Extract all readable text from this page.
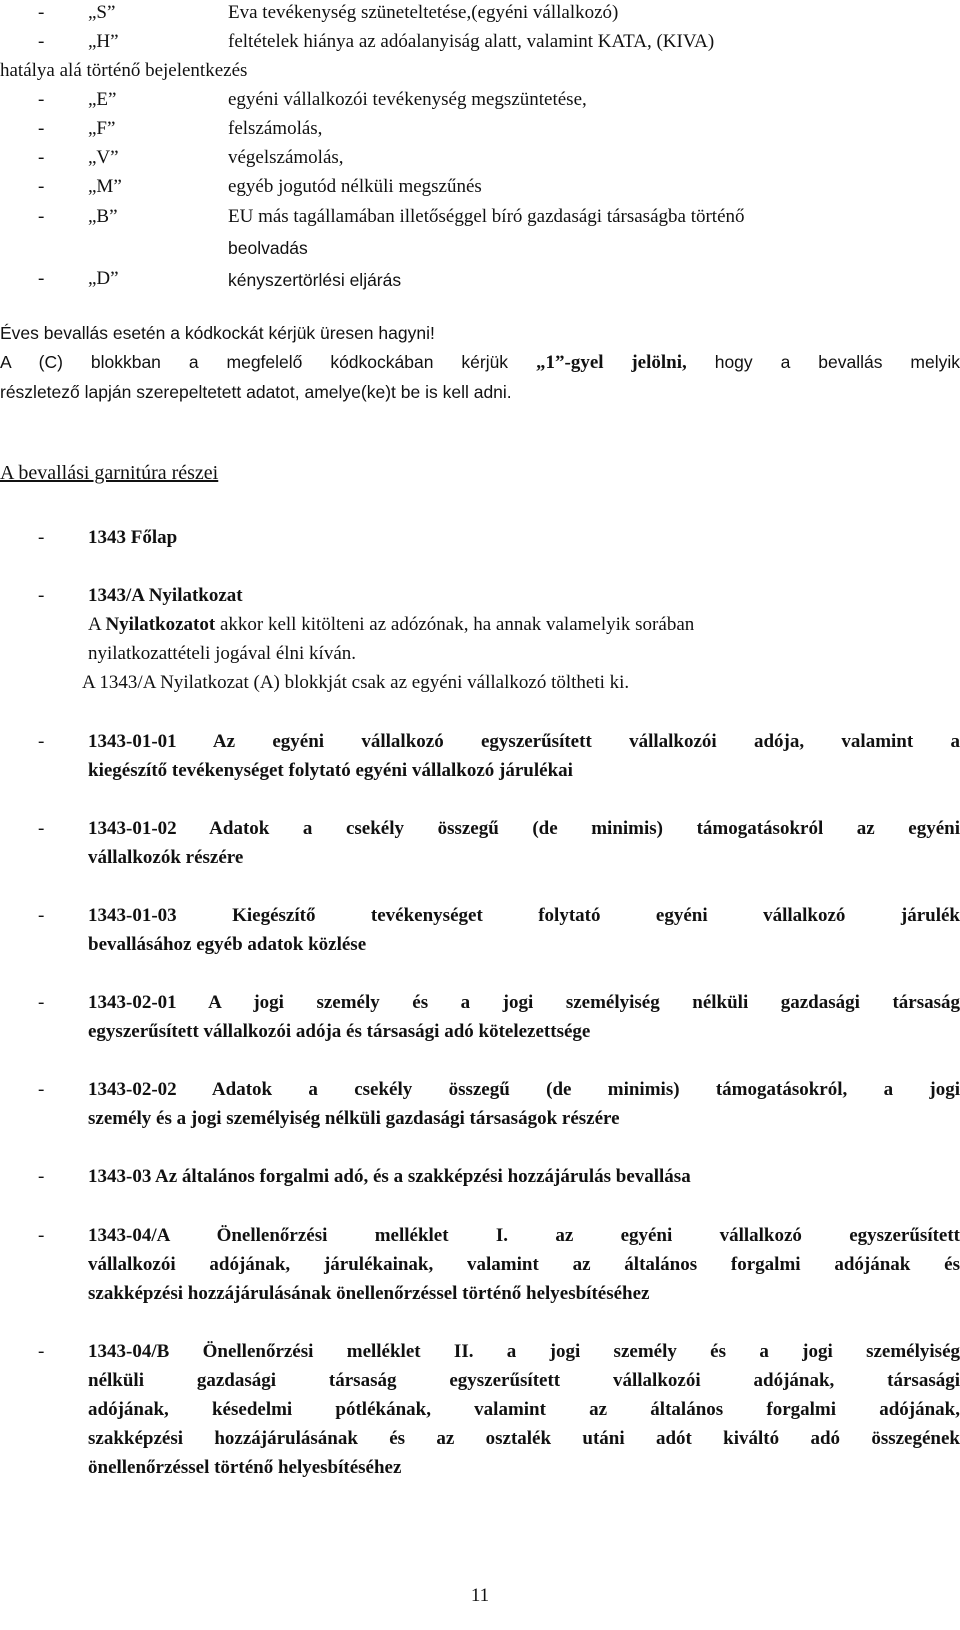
- „S”	Eva tevékenység szüneteltetése,(egyéni vállalkozó)
- „H”	feltételek hiánya az adóalanyiság alatt, valamint KATA, (KIVA)
hatálya alá történő bejelentkezés
- „E”	egyéni vállalkozói tevékenység megszüntetése,
- „F”	felszámolás,
- „V”	végelszámolás,
- „M”	egyéb jogutód nélküli megszűnés
- „B”	EU más tagállamában illetőséggel bíró gazdasági társaságba történő
beolvadás
- „D”	kényszertörlési eljárás
Éves bevallás esetén a kódkockát kérjük üresen hagyni!
A (C) blokkban a megfelelő kódkockában kérjük „1”-gyel jelölni, hogy a bevallás melyik
részletező lapján szerepeltetett adatot, amelye(ke)t be is kell adni.
A bevallási garnitúra részei
- 1343 Főlap
- 1343/A Nyilatkozat
A Nyilatkozatot akkor kell kitölteni az adózónak, ha annak valamelyik sorában
nyilatkozattételi jogával élni kíván.
A 1343/A Nyilatkozat (A) blokkját csak az egyéni vállalkozó töltheti ki.
- 1343-01-01 Az egyéni vállalkozó egyszerűsített vállalkozói adója, valamint a
kiegészítő tevékenységet folytató egyéni vállalkozó járulékai
- 1343-01-02 Adatok a csekély összegű (de minimis) támogatásokról az egyéni
vállalkozók részére
- 1343-01-03 Kiegészítő tevékenységet folytató egyéni vállalkozó járulék
bevallásához egyéb adatok közlése
- 1343-02-01 A jogi személy és a jogi személyiség nélküli gazdasági társaság
egyszerűsített vállalkozói adója és társasági adó kötelezettsége
- 1343-02-02 Adatok a csekély összegű (de minimis) támogatásokról, a jogi
személy és a jogi személyiség nélküli gazdasági társaságok részére
- 1343-03 Az általános forgalmi adó, és a szakképzési hozzájárulás bevallása
- 1343-04/A Önellenőrzési melléklet I. az egyéni vállalkozó egyszerűsített
vállalkozói adójának, járulékainak, valamint az általános forgalmi adójának és
szakképzési hozzájárulásának önellenőrzéssel történő helyesbítéséhez
- 1343-04/B Önellenőrzési melléklet II. a jogi személy és a jogi személyiség
nélküli gazdasági társaság egyszerűsített vállalkozói adójának, társasági
adójának, késedelmi pótlékának, valamint az általános forgalmi adójának,
szakképzési hozzájárulásának és az osztalék utáni adót kiváltó adó összegének
önellenőrzéssel történő helyesbítéséhez
11
